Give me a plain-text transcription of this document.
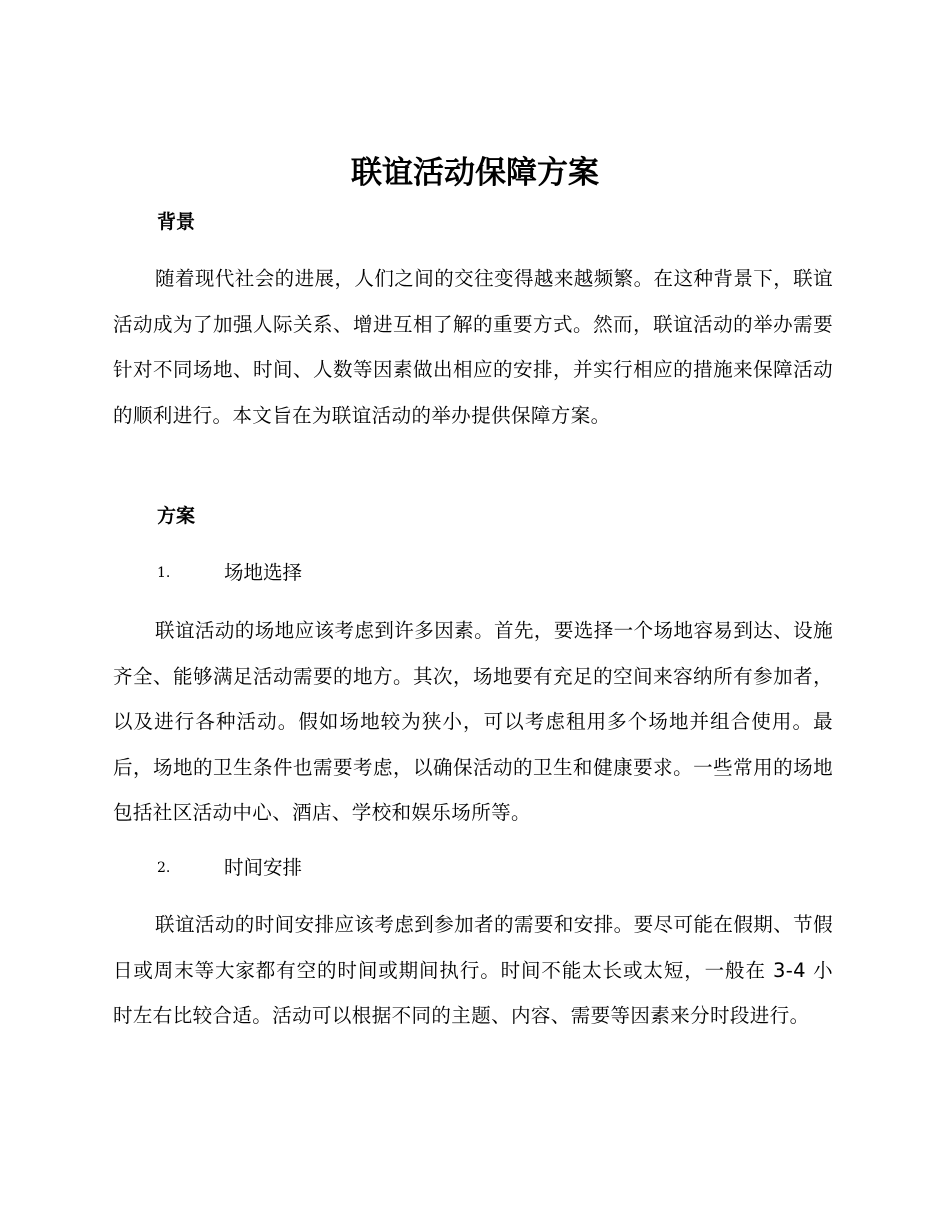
联谊活动保障方案
背景

随着现代社会的进展，人们之间的交往变得越来越频繁。在这种背景下，联谊活动成为了加强人际关系、增进互相了解的重要方式。然而，联谊活动的举办需要针对不同场地、时间、人数等因素做出相应的安排，并实行相应的措施来保障活动的顺利进行。本文旨在为联谊活动的举办提供保障方案。

方案
1.	场地选择

联谊活动的场地应该考虑到许多因素。首先，要选择一个场地容易到达、设施齐全、能够满足活动需要的地方。其次，场地要有充足的空间来容纳所有参加者，以及进行各种活动。假如场地较为狭小，可以考虑租用多个场地并组合使用。最后，场地的卫生条件也需要考虑，以确保活动的卫生和健康要求。一些常用的场地包括社区活动中心、酒店、学校和娱乐场所等。

2.	时间安排

联谊活动的时间安排应该考虑到参加者的需要和安排。要尽可能在假期、节假日或周末等大家都有空的时间或期间执行。时间不能太长或太短，一般在 3-4 小时左右比较合适。活动可以根据不同的主题、内容、需要等因素来分时段进行。
